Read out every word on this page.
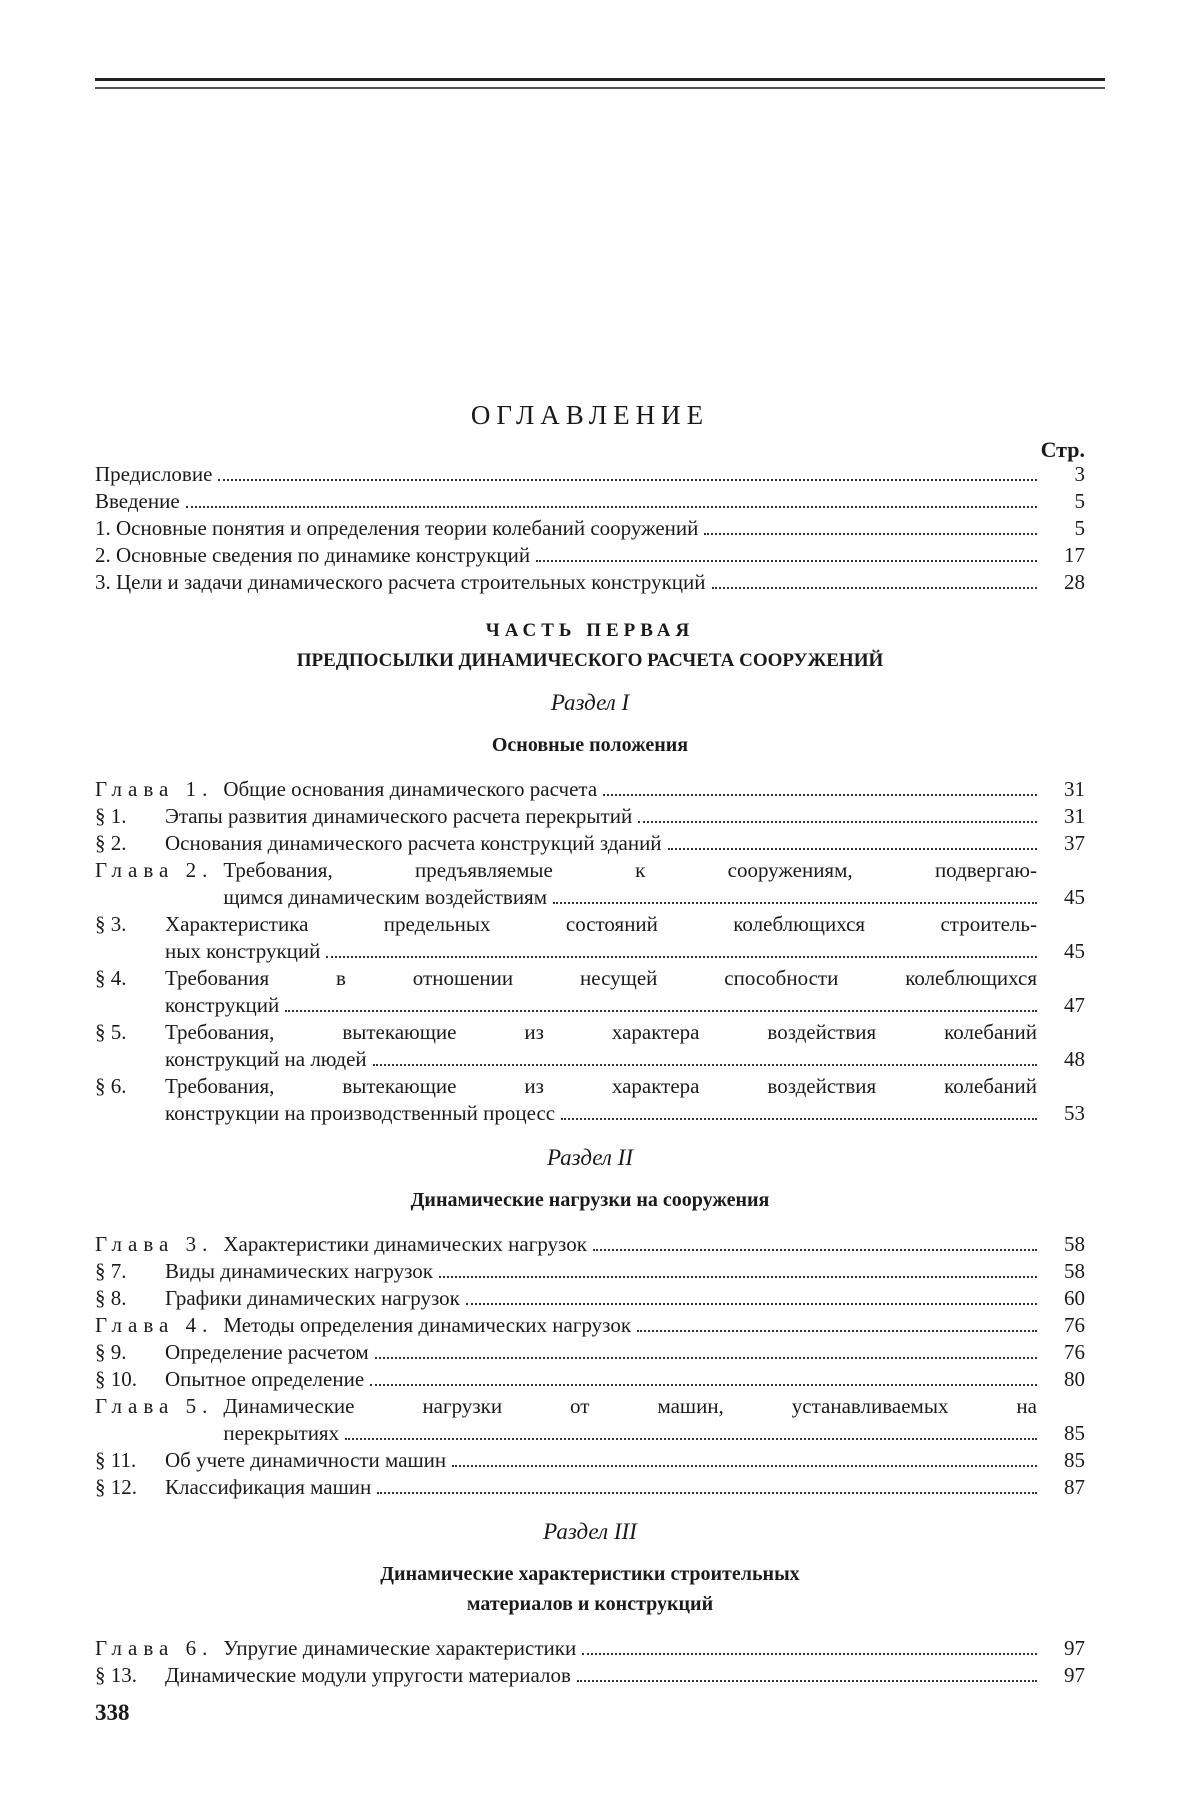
ОГЛАВЛЕНИЕ
Стр.
Предисловие	3
Введение	5
1. Основные понятия и определения теории колебаний сооружений	5
2. Основные сведения по динамике конструкций	17
3. Цели и задачи динамического расчета строительных конструкций	28
ЧАСТЬ ПЕРВАЯ
ПРЕДПОСЫЛКИ ДИНАМИЧЕСКОГО РАСЧЕТА СООРУЖЕНИЙ
Раздел I
Основные положения
Глава 1. Общие основания динамического расчета	31
§ 1.	Этапы развития динамического расчета перекрытий	31
§ 2.	Основания динамического расчета конструкций зданий	37
Глава 2. Требования, предъявляемые к сооружениям, подвергаю-
щимся динамическим воздействиям	45
§ 3.	Характеристика предельных состояний колеблющихся строитель-
ных конструкций	45
§ 4.	Требования в отношении несущей способности колеблющихся
конструкций	47
§ 5.	Требования, вытекающие из характера воздействия колебаний
конструкций на людей	48
§ 6.	Требования, вытекающие из характера воздействия колебаний
конструкции на производственный процесс	53
Раздел II
Динамические нагрузки на сооружения
Глава 3. Характеристики динамических нагрузок	58
§ 7.	Виды динамических нагрузок	58
§ 8.	Графики динамических нагрузок	60
Глава 4. Методы определения динамических нагрузок	76
§ 9.	Определение расчетом	76
§ 10.	Опытное определение	80
Глава 5. Динамические нагрузки от машин, устанавливаемых на
перекрытиях	85
§ 11.	Об учете динамичности машин	85
§ 12.	Классификация машин	87
Раздел III
Динамические характеристики строительных
материалов и конструкций
Глава 6. Упругие динамические характеристики	97
§ 13.	Динамические модули упругости материалов	97
338
